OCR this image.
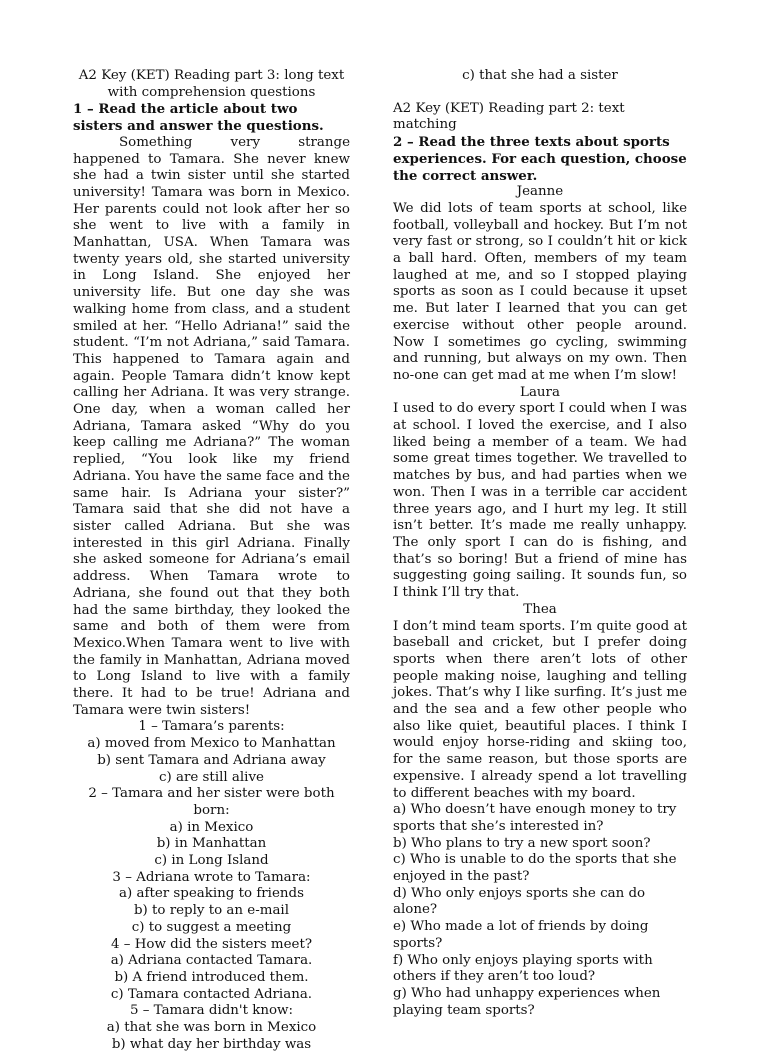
A2 Key (KET) Reading part 3: long text with comprehension questions

1 – Read the article about two sisters and answer the questions.

Something very strange happened to Tamara. She never knew she had a twin sister until she started university! Tamara was born in Mexico. Her parents could not look after her so she went to live with a family in Manhattan, USA. When Tamara was twenty years old, she started university in Long Island. She enjoyed her university life. But one day she was walking home from class, and a student smiled at her. “Hello Adriana!” said the student. “I’m not Adriana,” said Tamara. This happened to Tamara again and again. People Tamara didn’t know kept calling her Adriana. It was very strange. One day, when a woman called her Adriana, Tamara asked “Why do you keep calling me Adriana?” The woman replied, “You look like my friend Adriana. You have the same face and the same hair. Is Adriana your sister?” Tamara said that she did not have a sister called Adriana. But she was interested in this girl Adriana. Finally she asked someone for Adriana’s email address. When Tamara wrote to Adriana, she found out that they both had the same birthday, they looked the same and both of them were from Mexico.When Tamara went to live with the family in Manhattan, Adriana moved to Long Island to live with a family there. It had to be true! Adriana and Tamara were twin sisters!

1 – Tamara’s parents:

a) moved from Mexico to Manhattan

b) sent Tamara and Adriana away

c) are still alive

2 – Tamara and her sister were both born:

a) in Mexico

b) in Manhattan

c) in Long Island

3 – Adriana wrote to Tamara:

a) after speaking to friends

b) to reply to an e-mail

c) to suggest a meeting

4 – How did the sisters meet?

a) Adriana contacted Tamara.

b) A friend introduced them.

c) Tamara contacted Adriana.

5 – Tamara didn't know:

a) that she was born in Mexico

b) what day her birthday was

c) that she had a sister

A2 Key (KET) Reading part 2: text matching

2 – Read the three texts about sports experiences. For each question, choose the correct answer.

Jeanne

We did lots of team sports at school, like football, volleyball and hockey. But I’m not very fast or strong, so I couldn’t hit or kick a ball hard. Often, members of my team laughed at me, and so I stopped playing sports as soon as I could because it upset me. But later I learned that you can get exercise without other people around. Now I sometimes go cycling, swimming and running, but always on my own. Then no-one can get mad at me when I’m slow!

Laura

I used to do every sport I could when I was at school. I loved the exercise, and I also liked being a member of a team. We had some great times together. We travelled to matches by bus, and had parties when we won. Then I was in a terrible car accident three years ago, and I hurt my leg. It still isn’t better. It’s made me really unhappy. The only sport I can do is fishing, and that’s so boring! But a friend of mine has suggesting going sailing. It sounds fun, so I think I’ll try that.

Thea

I don’t mind team sports. I’m quite good at baseball and cricket, but I prefer doing sports when there aren’t lots of other people making noise, laughing and telling jokes. That’s why I like surfing. It’s just me and the sea and a few other people who also like quiet, beautiful places. I think I would enjoy horse-riding and skiing too, for the same reason, but those sports are expensive. I already spend a lot travelling to different beaches with my board.

a) Who doesn’t have enough money to try sports that she’s interested in?

b) Who plans to try a new sport soon?

c) Who is unable to do the sports that she enjoyed in the past?

d) Who only enjoys sports she can do alone?

e) Who made a lot of friends by doing sports?

f) Who only enjoys playing sports with others if they aren’t too loud?

g) Who had unhappy experiences when playing team sports?
